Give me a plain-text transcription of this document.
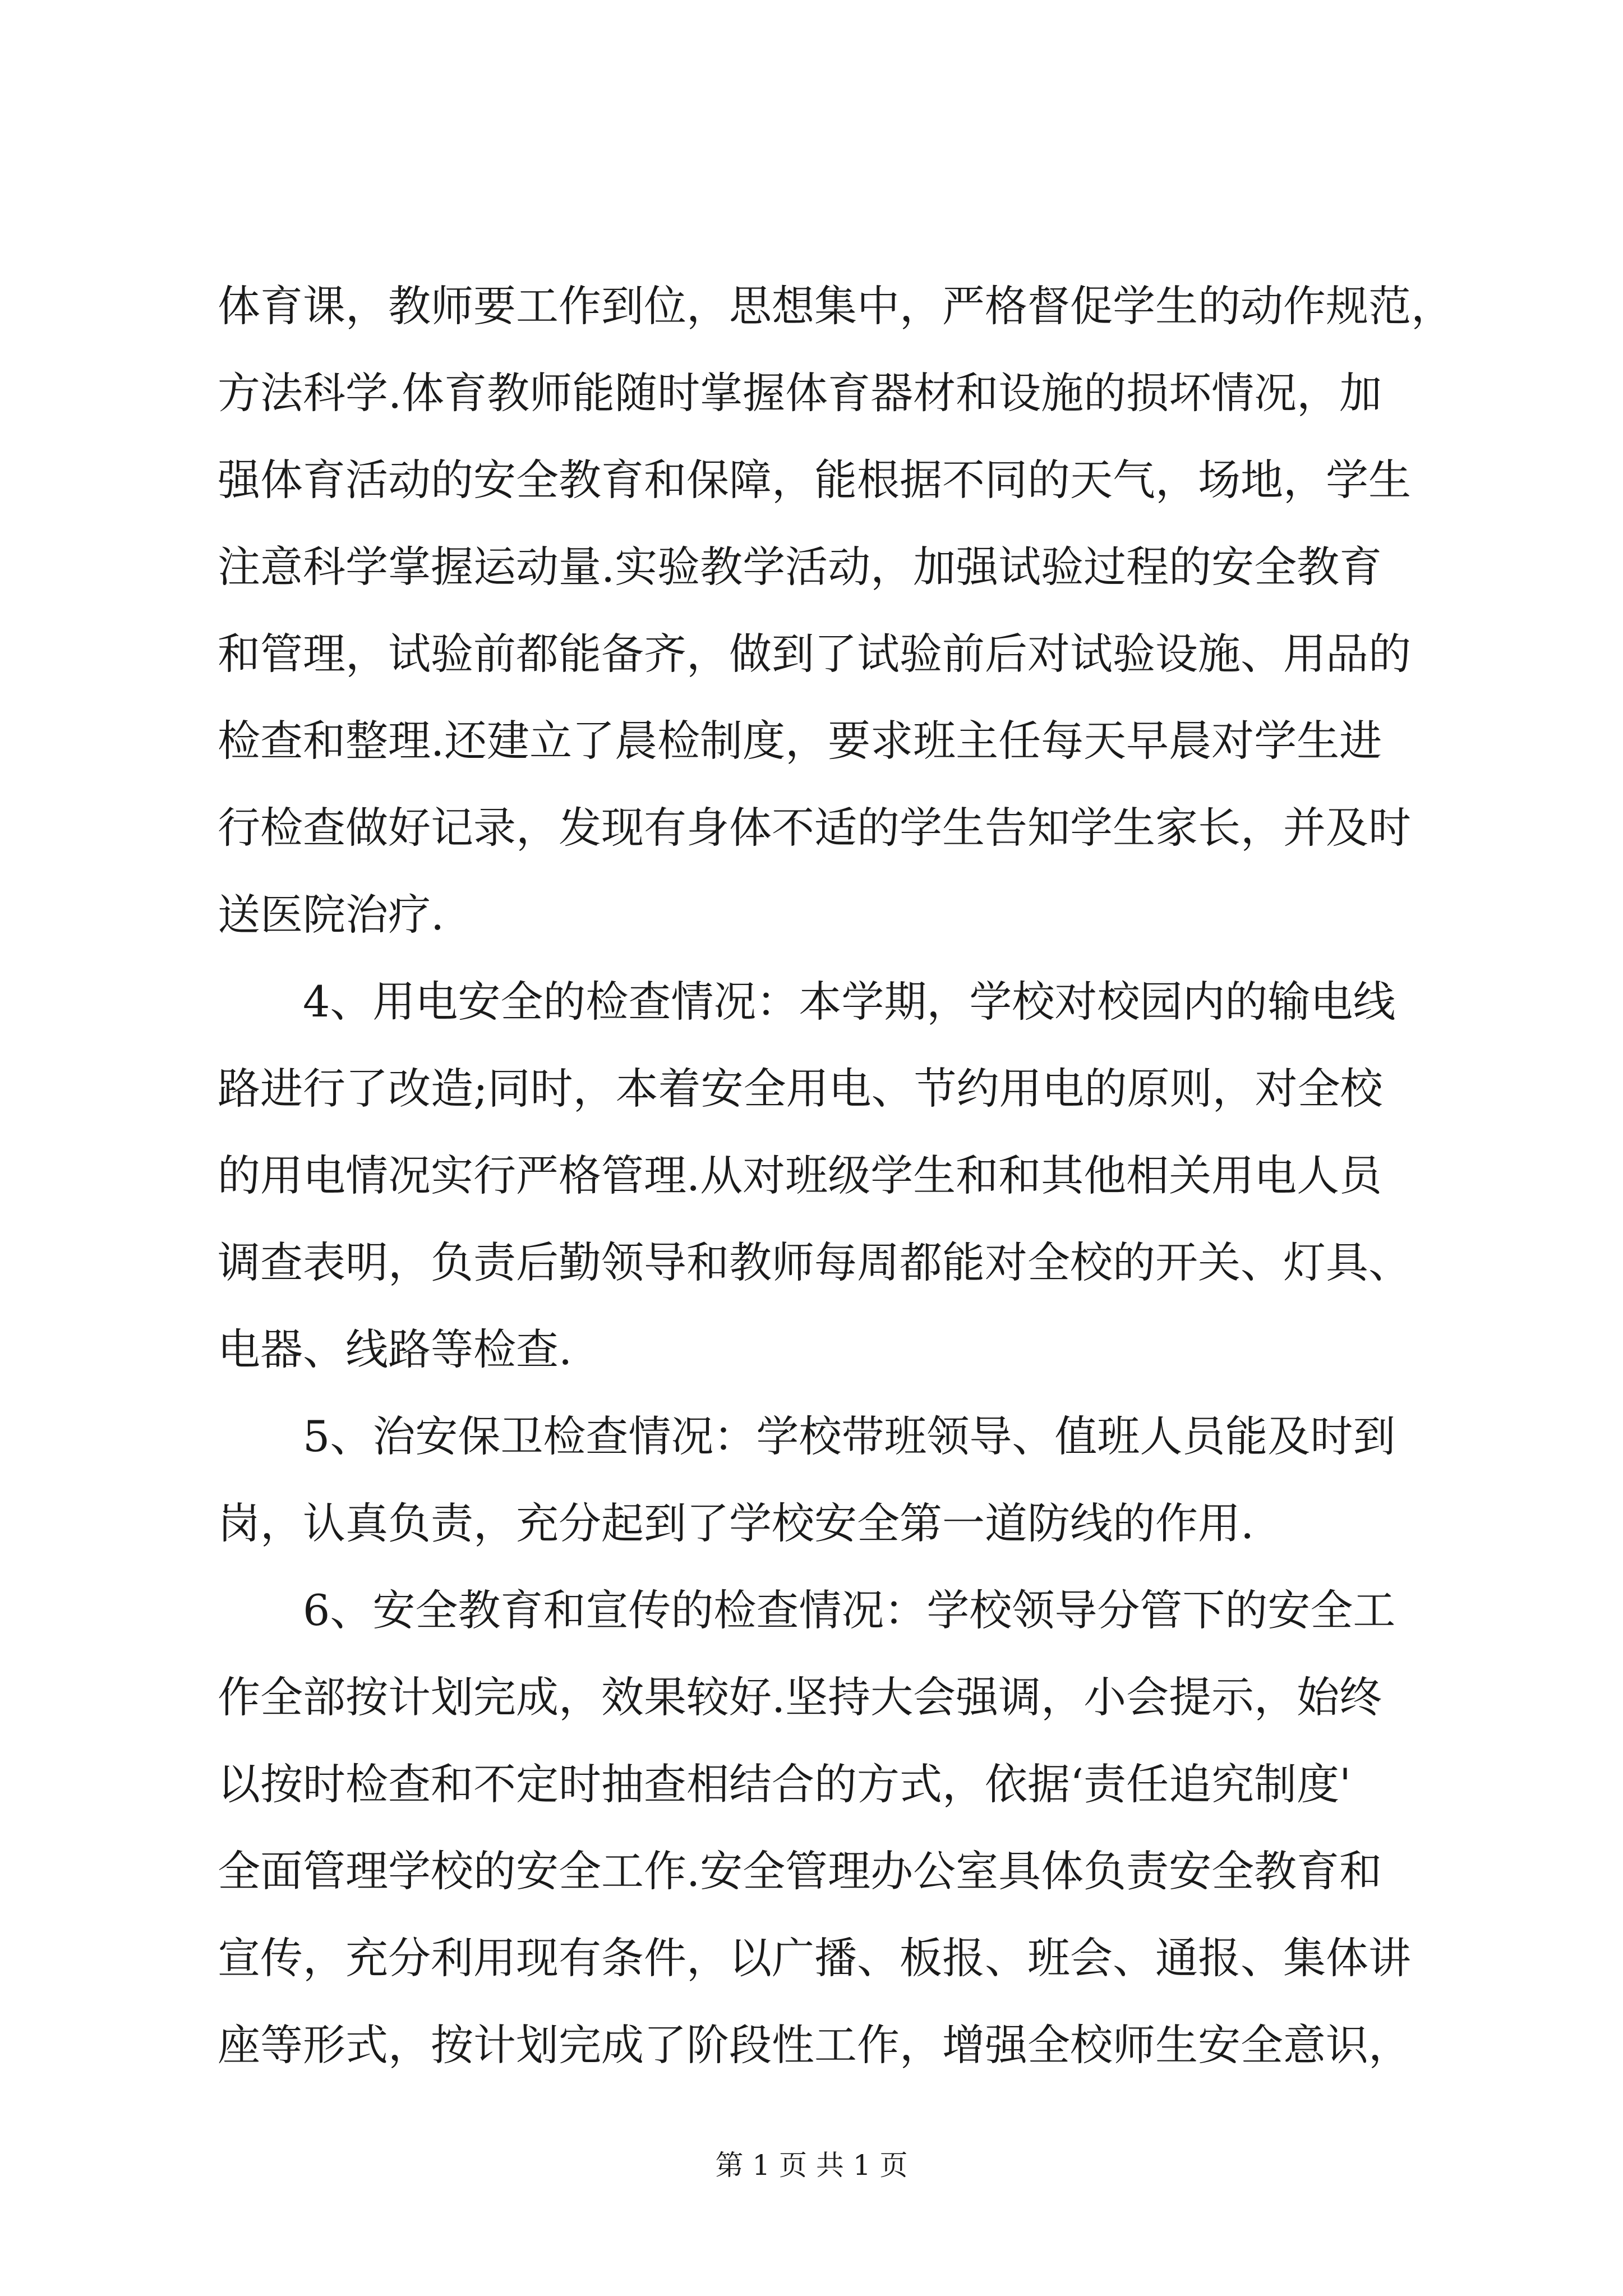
体育课，教师要工作到位，思想集中，严格督促学生的动作规范，
方法科学.体育教师能随时掌握体育器材和设施的损坏情况，加
强体育活动的安全教育和保障，能根据不同的天气，场地，学生
注意科学掌握运动量.实验教学活动，加强试验过程的安全教育
和管理，试验前都能备齐，做到了试验前后对试验设施、用品的
检查和整理.还建立了晨检制度，要求班主任每天早晨对学生进
行检查做好记录，发现有身体不适的学生告知学生家长，并及时
送医院治疗.
4、用电安全的检查情况：本学期，学校对校园内的输电线
路进行了改造;同时，本着安全用电、节约用电的原则，对全校
的用电情况实行严格管理.从对班级学生和和其他相关用电人员
调查表明，负责后勤领导和教师每周都能对全校的开关、灯具、
电器、线路等检查.
5、治安保卫检查情况：学校带班领导、值班人员能及时到
岗，认真负责，充分起到了学校安全第一道防线的作用.
6、安全教育和宣传的检查情况：学校领导分管下的安全工
作全部按计划完成，效果较好.坚持大会强调，小会提示，始终
以按时检查和不定时抽查相结合的方式，依据‘责任追究制度'
全面管理学校的安全工作.安全管理办公室具体负责安全教育和
宣传，充分利用现有条件，以广播、板报、班会、通报、集体讲
座等形式，按计划完成了阶段性工作，增强全校师生安全意识，
第 1 页 共 1 页
